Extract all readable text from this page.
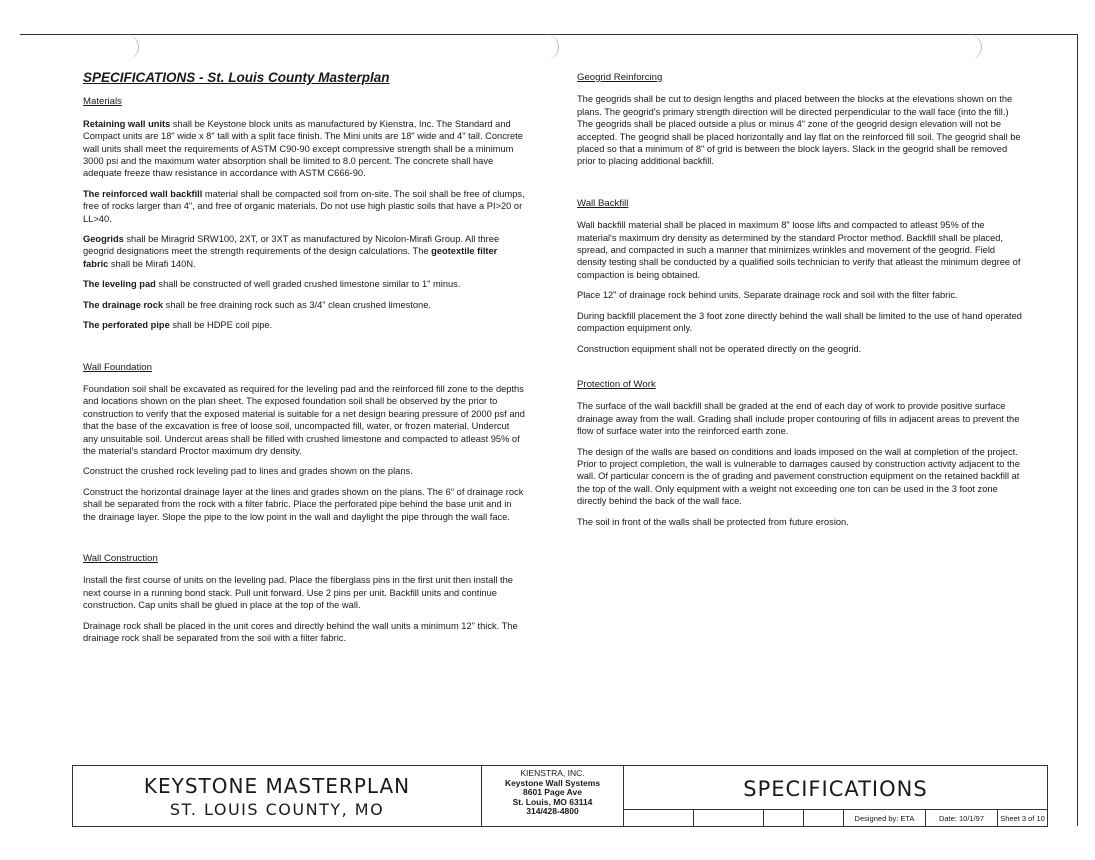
SPECIFICATIONS - St. Louis County Masterplan
Materials

Retaining wall units shall be Keystone block units as manufactured by Kienstra, Inc. The Standard and Compact units are 18" wide x 8" tall with a split face finish. The Mini units are 18" wide and 4" tall. Concrete wall units shall meet the requirements of ASTM C90-90 except compressive strength shall be a minimum 3000 psi and the maximum water absorption shall be limited to 8.0 percent. The concrete shall have adequate freeze thaw resistance in accordance with ASTM C666-90.

The reinforced wall backfill material shall be compacted soil from on-site. The soil shall be free of clumps, free of rocks larger than 4", and free of organic materials. Do not use high plastic soils that have a PI>20 or LL>40.

Geogrids shall be Miragrid SRW100, 2XT, or 3XT as manufactured by Nicolon-Mirafi Group. All three geogrid designations meet the strength requirements of the design calculations. The geotextile filter fabric shall be Mirafi 140N.

The leveling pad shall be constructed of well graded crushed limestone similar to 1" minus.

The drainage rock shall be free draining rock such as 3/4" clean crushed limestone.

The perforated pipe shall be HDPE coil pipe.

Wall Foundation

Foundation soil shall be excavated as required for the leveling pad and the reinforced fill zone to the depths and locations shown on the plan sheet. The exposed foundation soil shall be observed by the prior to construction to verify that the exposed material is suitable for a net design bearing pressure of 2000 psf and that the base of the excavation is free of loose soil, uncompacted fill, water, or frozen material. Undercut any unsuitable soil. Undercut areas shall be filled with crushed limestone and compacted to atleast 95% of the material's standard Proctor maximum dry density.

Construct the crushed rock leveling pad to lines and grades shown on the plans.

Construct the horizontal drainage layer at the lines and grades shown on the plans. The 6" of drainage rock shall be separated from the rock with a filter fabric. Place the perforated pipe behind the base unit and in the drainage layer. Slope the pipe to the low point in the wall and daylight the pipe through the wall face.

Wall Construction

Install the first course of units on the leveling pad. Place the fiberglass pins in the first unit then install the next course in a running bond stack. Pull unit forward. Use 2 pins per unit. Backfill units and continue construction. Cap units shall be glued in place at the top of the wall.

Drainage rock shall be placed in the unit cores and directly behind the wall units a minimum 12" thick. The drainage rock shall be separated from the soil with a filter fabric.

Geogrid Reinforcing

The geogrids shall be cut to design lengths and placed between the blocks at the elevations shown on the plans. The geogrid's primary strength direction will be directed perpendicular to the wall face (into the fill.) The geogrids shall be placed outside a plus or minus 4" zone of the geogrid design elevation will not be accepted. The geogrid shall be placed horizontally and lay flat on the reinforced fill soil. The geogrid shall be placed so that a minimum of 8" of grid is between the block layers. Slack in the geogrid shall be removed prior to placing additional backfill.

Wall Backfill

Wall backfill material shall be placed in maximum 8" loose lifts and compacted to atleast 95% of the material's maximum dry density as determined by the standard Proctor method. Backfill shall be placed, spread, and compacted in such a manner that minimizes wrinkles and movement of the geogrid. Field density testing shall be conducted by a qualified soils technician to verify that atleast the minimum degree of compaction is being obtained.

Place 12" of drainage rock behind units. Separate drainage rock and soil with the filter fabric.

During backfill placement the 3 foot zone directly behind the wall shall be limited to the use of hand operated compaction equipment only.

Construction equipment shall not be operated directly on the geogrid.

Protection of Work

The surface of the wall backfill shall be graded at the end of each day of work to provide positive surface drainage away from the wall. Grading shall include proper contouring of fills in adjacent areas to prevent the flow of surface water into the reinforced earth zone.

The design of the walls are based on conditions and loads imposed on the wall at completion of the project. Prior to project completion, the wall is vulnerable to damages caused by construction activity adjacent to the wall. Of particular concern is the of grading and pavement construction equipment on the retained backfill at the top of the wall. Only equipment with a weight not exceeding one ton can be used in the 3 foot zone directly behind the back of the wall face.

The soil in front of the walls shall be protected from future erosion.

KEYSTONE MASTERPLAN
ST. LOUIS COUNTY, MO
KIENSTRA, INC.
Keystone Wall Systems
8601 Page Ave
St. Louis, MO 63114
314/428-4800
SPECIFICATIONS
Designed by: ETA	Date: 10/1/97	Sheet 3 of 10
